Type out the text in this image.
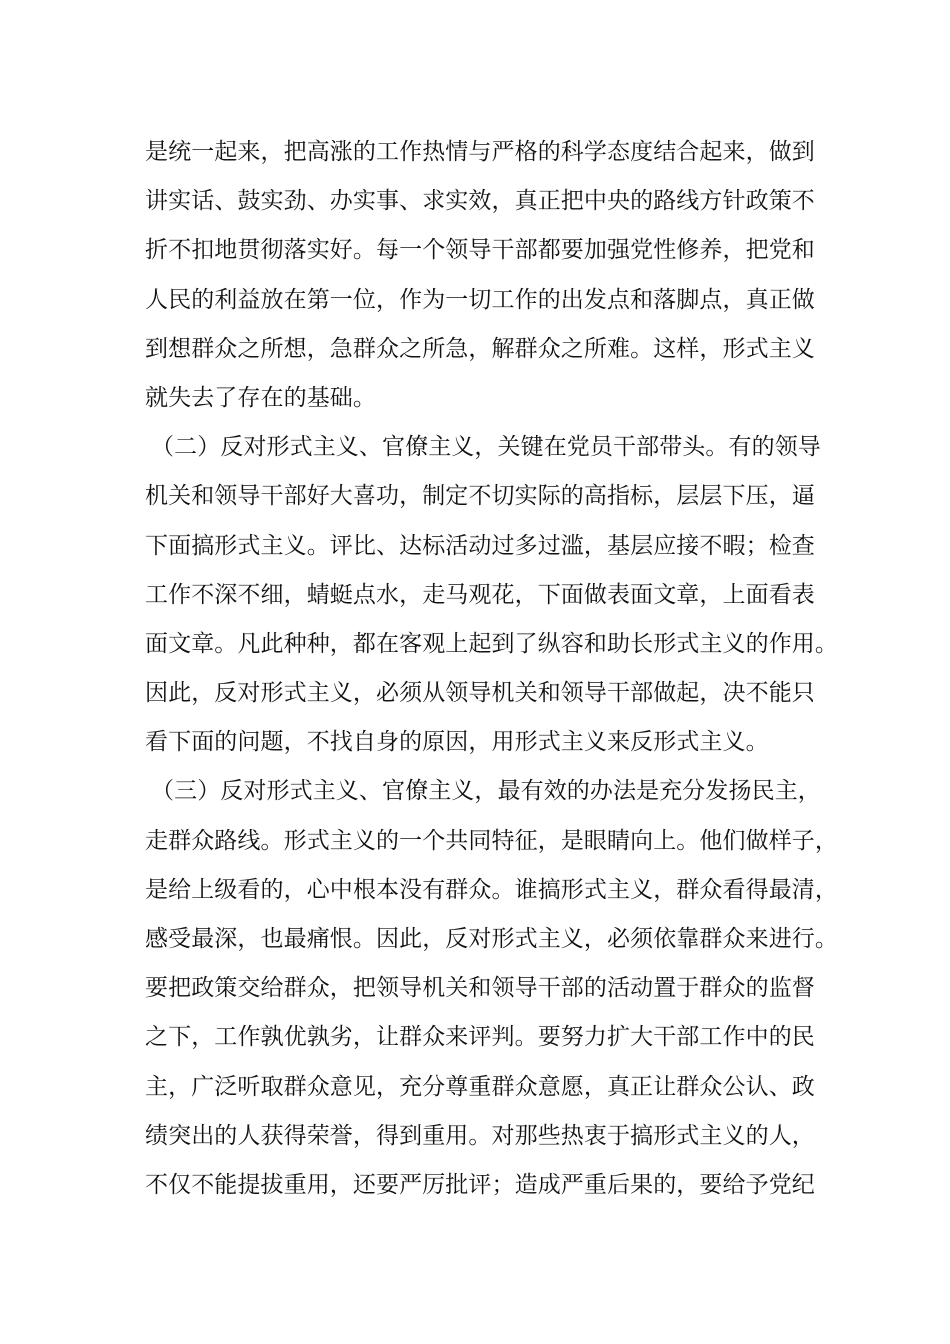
是统一起来，把高涨的工作热情与严格的科学态度结合起来，做到
讲实话、鼓实劲、办实事、求实效，真正把中央的路线方针政策不
折不扣地贯彻落实好。每一个领导干部都要加强党性修养，把党和
人民的利益放在第一位，作为一切工作的出发点和落脚点，真正做
到想群众之所想，急群众之所急，解群众之所难。这样，形式主义
就失去了存在的基础。
（二）反对形式主义、官僚主义，关键在党员干部带头。有的领导
机关和领导干部好大喜功，制定不切实际的高指标，层层下压，逼
下面搞形式主义。评比、达标活动过多过滥，基层应接不暇；检查
工作不深不细，蜻蜓点水，走马观花，下面做表面文章，上面看表
面文章。凡此种种，都在客观上起到了纵容和助长形式主义的作用。
因此，反对形式主义，必须从领导机关和领导干部做起，决不能只
看下面的问题，不找自身的原因，用形式主义来反形式主义。
（三）反对形式主义、官僚主义，最有效的办法是充分发扬民主，
走群众路线。形式主义的一个共同特征，是眼睛向上。他们做样子，
是给上级看的，心中根本没有群众。谁搞形式主义，群众看得最清，
感受最深，也最痛恨。因此，反对形式主义，必须依靠群众来进行。
要把政策交给群众，把领导机关和领导干部的活动置于群众的监督
之下，工作孰优孰劣，让群众来评判。要努力扩大干部工作中的民
主，广泛听取群众意见，充分尊重群众意愿，真正让群众公认、政
绩突出的人获得荣誉，得到重用。对那些热衷于搞形式主义的人，
不仅不能提拔重用，还要严厉批评；造成严重后果的，要给予党纪
